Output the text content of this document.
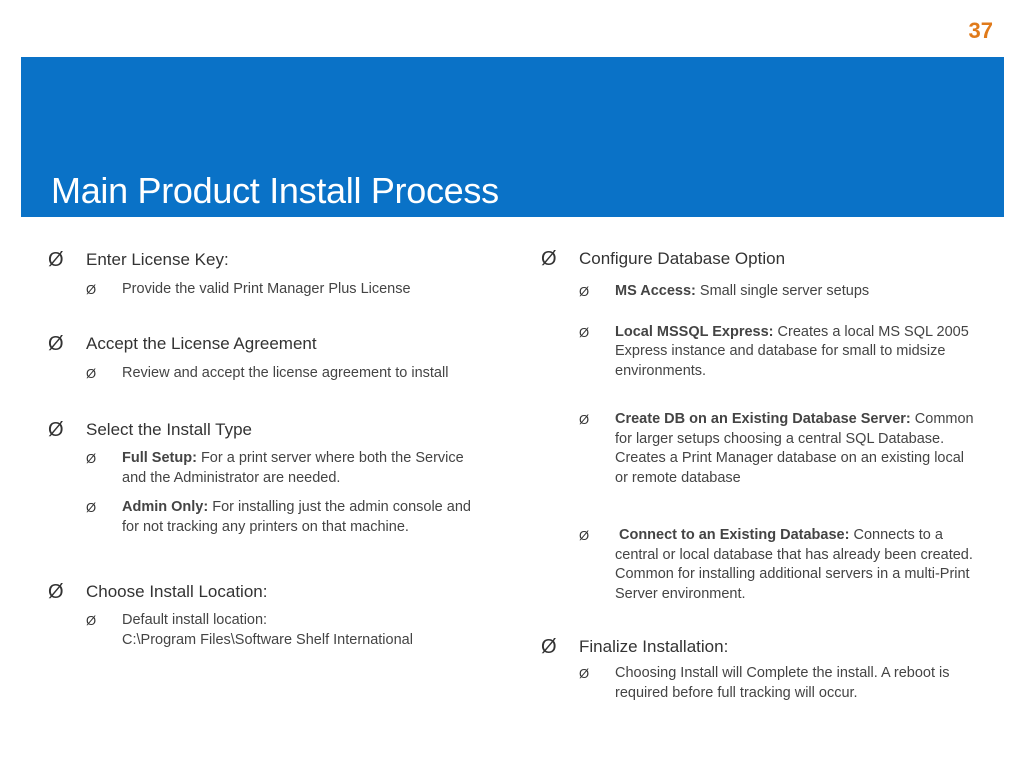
37
Main Product Install Process
Ø Enter License Key:
Ø Provide the valid Print Manager Plus License
Ø Accept the License Agreement
Ø Review and accept the license agreement to install
Ø Select the Install Type
Ø Full Setup: For a print server where both the Service and the Administrator are needed.
Ø Admin Only: For installing just the admin console and for not tracking any printers on that machine.
Ø Choose Install Location:
Ø Default install location:
C:\Program Files\Software Shelf International
Ø Configure Database Option
Ø MS Access: Small single server setups
Ø Local MSSQL Express: Creates a local MS SQL 2005 Express instance and database for small to midsize environments.
Ø Create DB on an Existing Database Server: Common for larger setups choosing a central SQL Database. Creates a Print Manager database on an existing local or remote database
Ø Connect to an Existing Database: Connects to a central or local database that has already been created. Common for installing additional servers in a multi-Print Server environment.
Ø Finalize Installation:
Ø Choosing Install will Complete the install. A reboot is required before full tracking will occur.
